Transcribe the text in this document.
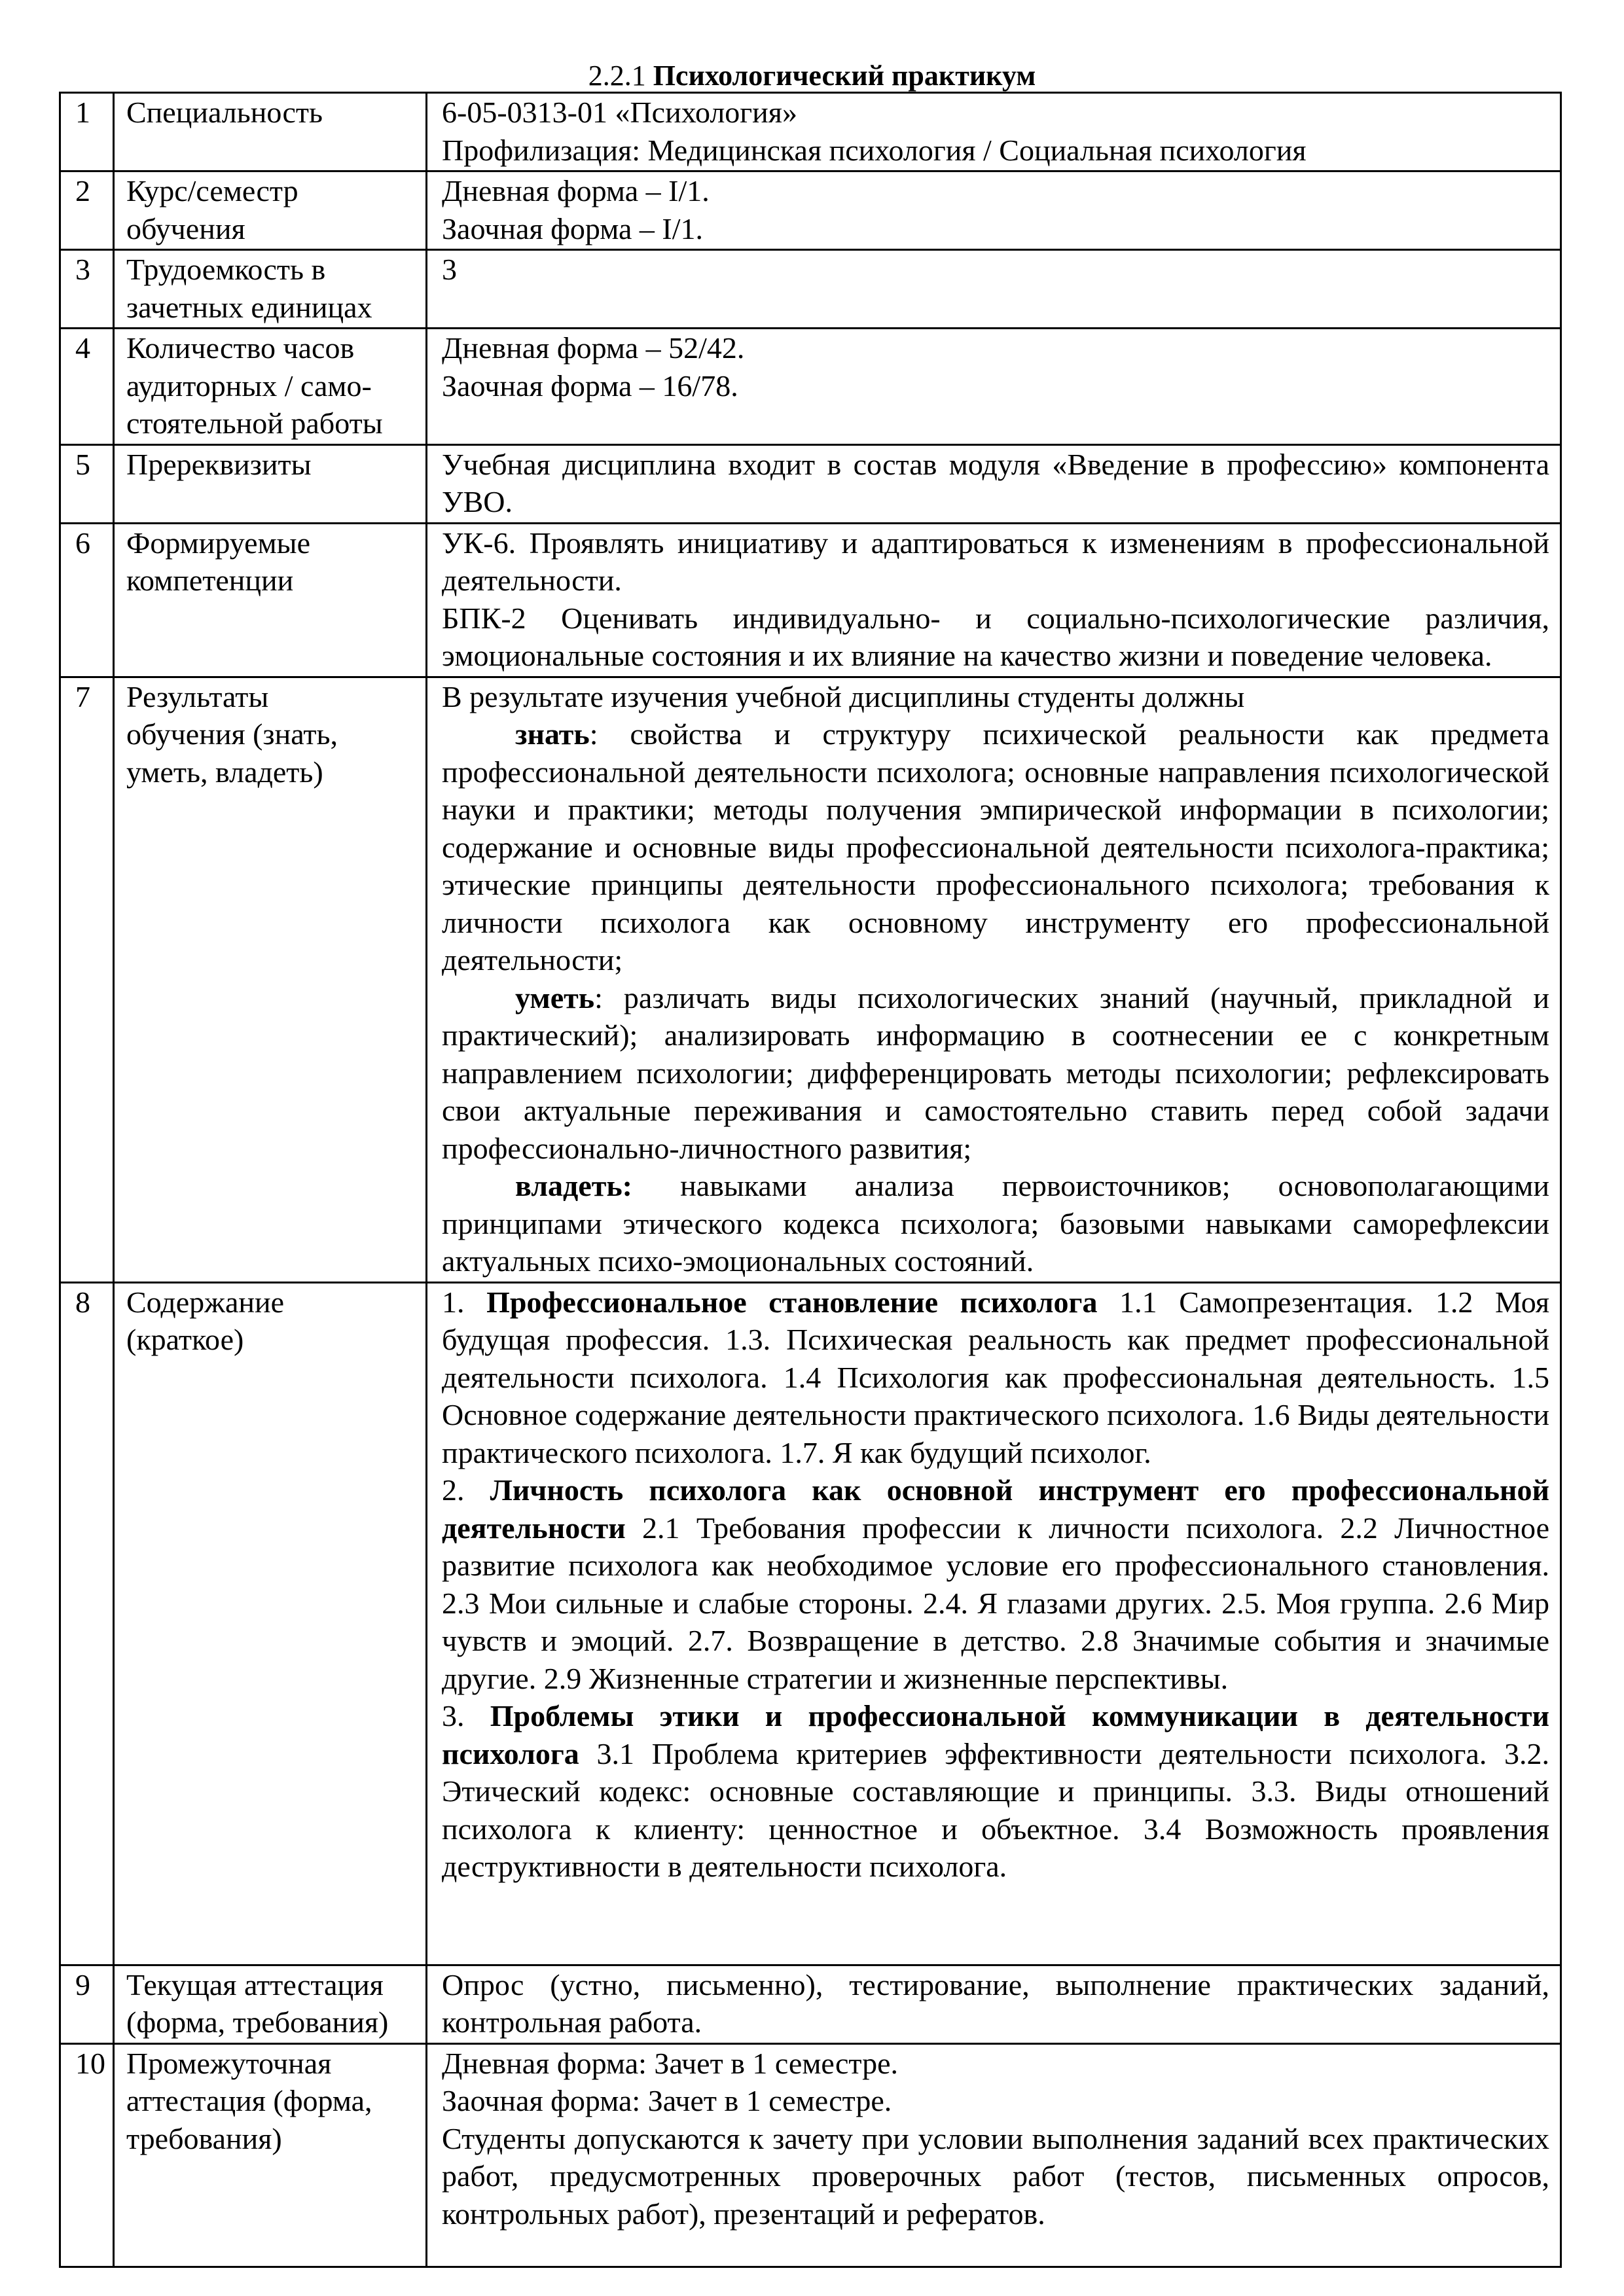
2.2.1 Психологический практикум
1	Специальность	6-05-0313-01 «Психология»

Профилизация: Медицинская психология / Социальная психология

2	Курс/семестр обучения	Дневная форма – I/1.

Заочная форма – I/1.

3	Трудоемкость в зачетных единицах	3

4	Количество часов аудиторных / само-стоятельной работы	Дневная форма – 52/42.

Заочная форма – 16/78.

5	Пререквизиты	Учебная дисциплина входит в состав модуля «Введение в профессию» компонента УВО.

6	Формируемые компетенции	УК-6. Проявлять инициативу и адаптироваться к изменениям в профессиональной деятельности.

БПК-2 Оценивать индивидуально- и социально-психологические различия, эмоциональные состояния и их влияние на качество жизни и поведение человека.

7	Результаты обучения (знать, уметь, владеть)	В результате изучения учебной дисциплины студенты должны

знать: свойства и структуру психической реальности как предмета профессиональной деятельности психолога; основные направления психологической науки и практики; методы получения эмпирической информации в психологии; содержание и основные виды профессиональной деятельности психолога-практика; этические принципы деятельности профессионального психолога; требования к личности психолога как основному инструменту его профессиональной деятельности;

уметь: различать виды психологических знаний (научный, прикладной и практический); анализировать информацию в соотнесении ее с конкретным направлением психологии; дифференцировать методы психологии; рефлексировать свои актуальные переживания и самостоятельно ставить перед собой задачи профессионально-личностного развития;

владеть: навыками анализа первоисточников; основополагающими принципами этического кодекса психолога; базовыми навыками саморефлексии актуальных психо-эмоциональных состояний.

8	Содержание (краткое)	1. Профессиональное становление психолога 1.1 Самопрезентация. 1.2 Моя будущая профессия. 1.3. Психическая реальность как предмет профессиональной деятельности психолога. 1.4 Психология как профессиональная деятельность. 1.5 Основное содержание деятельности практического психолога. 1.6 Виды деятельности практического психолога. 1.7. Я как будущий психолог.

2. Личность психолога как основной инструмент его профессиональной деятельности 2.1 Требования профессии к личности психолога. 2.2 Личностное развитие психолога как необходимое условие его профессионального становления. 2.3 Мои сильные и слабые стороны. 2.4. Я глазами других. 2.5. Моя группа. 2.6 Мир чувств и эмоций. 2.7. Возвращение в детство. 2.8 Значимые события и значимые другие. 2.9 Жизненные стратегии и жизненные перспективы.

3. Проблемы этики и профессиональной коммуникации в деятельности психолога 3.1 Проблема критериев эффективности деятельности психолога. 3.2. Этический кодекс: основные составляющие и принципы. 3.3. Виды отношений психолога к клиенту: ценностное и объектное. 3.4 Возможность проявления деструктивности в деятельности психолога.

9	Текущая аттестация (форма, требования)	Опрос (устно, письменно), тестирование, выполнение практических заданий, контрольная работа.

10	Промежуточная аттестация (форма, требования)	Дневная форма: Зачет в 1 семестре.

Заочная форма: Зачет в 1 семестре.

Студенты допускаются к зачету при условии выполнения заданий всех практических работ, предусмотренных проверочных работ (тестов, письменных опросов, контрольных работ), презентаций и рефератов.
